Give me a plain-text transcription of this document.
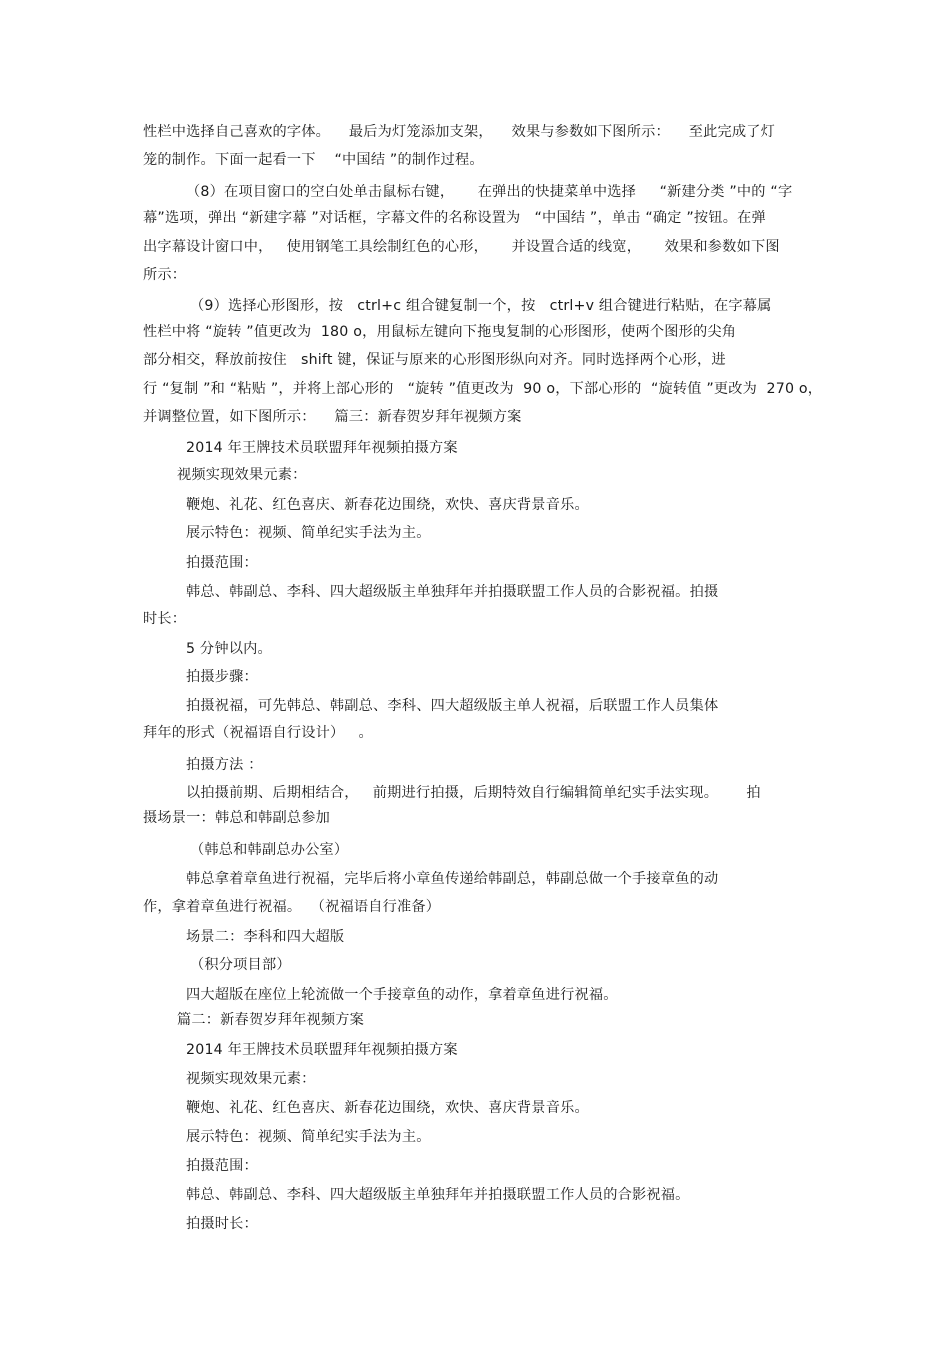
性栏中选择自己喜欢的字体。    最后为灯笼添加支架，    效果与参数如下图所示：    至此完成了灯
笼的制作。下面一起看一下    “中国结 ”的制作过程。
（8）在项目窗口的空白处单击鼠标右键，     在弹出的快捷菜单中选择     “新建分类 ”中的 “字
幕”选项，弹出 “新建字幕 ”对话框，字幕文件的名称设置为   “中国结 ”，单击 “确定 ”按钮。在弹
出字幕设计窗口中，   使用钢笔工具绘制红色的心形，     并设置合适的线宽，     效果和参数如下图
所示：
（9）选择心形图形，按   ctrl+c 组合键复制一个，按   ctrl+v 组合键进行粘贴，在字幕属
性栏中将 “旋转 ”值更改为  180 o，用鼠标左键向下拖曳复制的心形图形，使两个图形的尖角
部分相交，释放前按住   shift 键，保证与原来的心形图形纵向对齐。同时选择两个心形，进
行 “复制 ”和 “粘贴 ”，并将上部心形的   “旋转 ”值更改为  90 o，下部心形的  “旋转值 ”更改为  270 o，
并调整位置，如下图所示：    篇三：新春贺岁拜年视频方案
2014 年王牌技术员联盟拜年视频拍摄方案
视频实现效果元素：
鞭炮、礼花、红色喜庆、新春花边围绕，欢快、喜庆背景音乐。
展示特色：视频、简单纪实手法为主。
拍摄范围：
韩总、韩副总、李科、四大超级版主单独拜年并拍摄联盟工作人员的合影祝福。拍摄
时长：
5 分钟以内。
拍摄步骤：
拍摄祝福，可先韩总、韩副总、李科、四大超级版主单人祝福，后联盟工作人员集体
拜年的形式（祝福语自行设计）   。
拍摄方法 ：
以拍摄前期、后期相结合，   前期进行拍摄，后期特效自行编辑简单纪实手法实现。      拍
摄场景一：韩总和韩副总参加
（韩总和韩副总办公室）
韩总拿着章鱼进行祝福，完毕后将小章鱼传递给韩副总，韩副总做一个手接章鱼的动
作，拿着章鱼进行祝福。  （祝福语自行准备）
场景二：李科和四大超版
（积分项目部）
四大超版在座位上轮流做一个手接章鱼的动作，拿着章鱼进行祝福。
篇二：新春贺岁拜年视频方案
2014 年王牌技术员联盟拜年视频拍摄方案
视频实现效果元素：
鞭炮、礼花、红色喜庆、新春花边围绕，欢快、喜庆背景音乐。
展示特色：视频、简单纪实手法为主。
拍摄范围：
韩总、韩副总、李科、四大超级版主单独拜年并拍摄联盟工作人员的合影祝福。
拍摄时长：
